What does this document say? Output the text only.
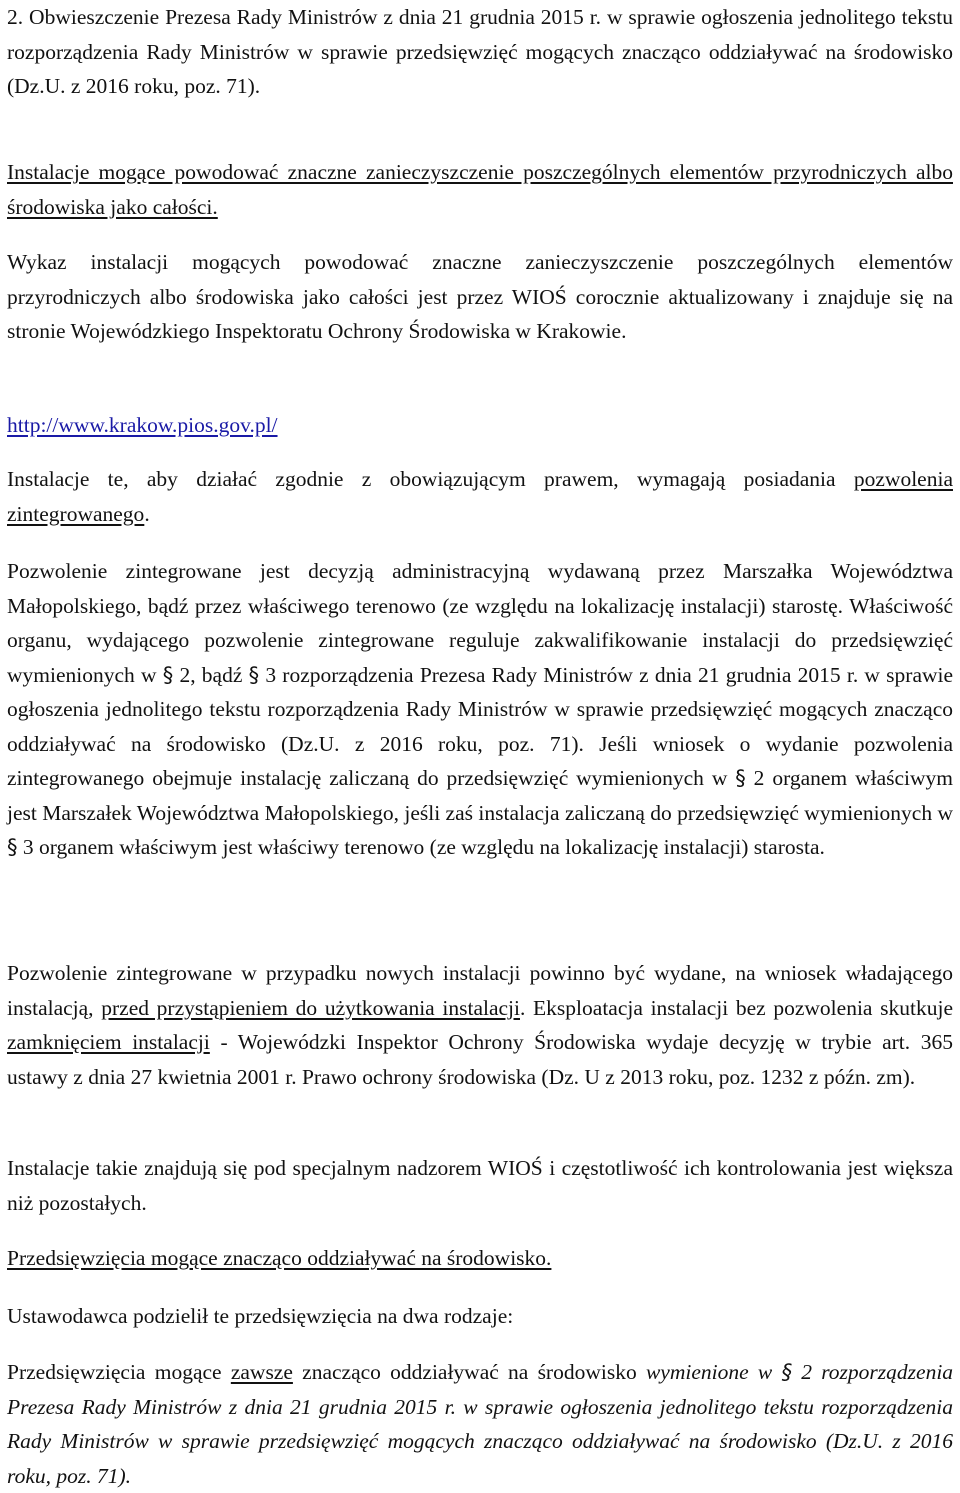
2. Obwieszczenie Prezesa Rady Ministrów z dnia 21 grudnia 2015 r. w sprawie ogłoszenia jednolitego tekstu rozporządzenia Rady Ministrów w sprawie przedsięwzięć mogących znacząco oddziaływać na środowisko (Dz.U. z 2016 roku, poz. 71).

Instalacje mogące powodować znaczne zanieczyszczenie poszczególnych elementów przyrodniczych albo środowiska jako całości.

Wykaz instalacji mogących powodować znaczne zanieczyszczenie poszczególnych elementów przyrodniczych albo środowiska jako całości jest przez WIOŚ corocznie aktualizowany i znajduje się na stronie Wojewódzkiego Inspektoratu Ochrony Środowiska w Krakowie.

http://www.krakow.pios.gov.pl/

Instalacje te, aby działać zgodnie z obowiązującym prawem, wymagają posiadania pozwolenia zintegrowanego.

Pozwolenie zintegrowane jest decyzją administracyjną wydawaną przez Marszałka Województwa Małopolskiego, bądź przez właściwego terenowo (ze względu na lokalizację instalacji) starostę. Właściwość organu, wydającego pozwolenie zintegrowane reguluje zakwalifikowanie instalacji do przedsięwzięć wymienionych w § 2, bądź § 3 rozporządzenia Prezesa Rady Ministrów z dnia 21 grudnia 2015 r. w sprawie ogłoszenia jednolitego tekstu rozporządzenia Rady Ministrów w sprawie przedsięwzięć mogących znacząco oddziaływać na środowisko (Dz.U. z 2016 roku, poz. 71). Jeśli wniosek o wydanie pozwolenia zintegrowanego obejmuje instalację zaliczaną do przedsięwzięć wymienionych w § 2 organem właściwym jest Marszałek Województwa Małopolskiego, jeśli zaś instalacja zaliczaną do przedsięwzięć wymienionych w § 3 organem właściwym jest właściwy terenowo (ze względu na lokalizację instalacji) starosta.

Pozwolenie zintegrowane w przypadku nowych instalacji powinno być wydane, na wniosek władającego instalacją, przed przystąpieniem do użytkowania instalacji. Eksploatacja instalacji bez pozwolenia skutkuje zamknięciem instalacji - Wojewódzki Inspektor Ochrony Środowiska wydaje decyzję w trybie art. 365 ustawy z dnia 27 kwietnia 2001 r. Prawo ochrony środowiska (Dz. U z 2013 roku, poz. 1232 z późn. zm).

Instalacje takie znajdują się pod specjalnym nadzorem WIOŚ i częstotliwość ich kontrolowania jest większa niż pozostałych.

Przedsięwzięcia mogące znacząco oddziaływać na środowisko.

Ustawodawca podzielił te przedsięwzięcia na dwa rodzaje:

Przedsięwzięcia mogące zawsze znacząco oddziaływać na środowisko wymienione w § 2 rozporządzenia Prezesa Rady Ministrów z dnia 21 grudnia 2015 r. w sprawie ogłoszenia jednolitego tekstu rozporządzenia Rady Ministrów w sprawie przedsięwzięć mogących znacząco oddziaływać na środowisko (Dz.U. z 2016 roku, poz. 71).
